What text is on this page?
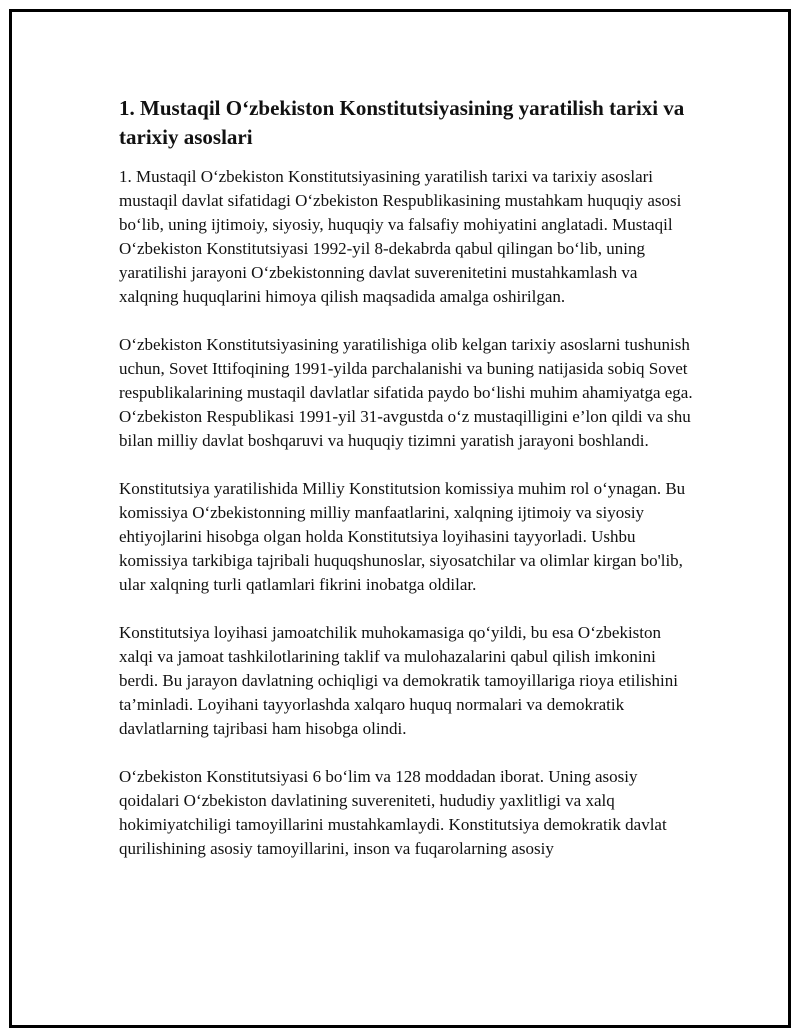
1. Mustaqil O‘zbekiston Konstitutsiyasining yaratilish tarixi va tarixiy asoslari

1. Mustaqil O‘zbekiston Konstitutsiyasining yaratilish tarixi va tarixiy asoslari mustaqil davlat sifatidagi O‘zbekiston Respublikasining mustahkam huquqiy asosi bo‘lib, uning ijtimoiy, siyosiy, huquqiy va falsafiy mohiyatini anglatadi. Mustaqil O‘zbekiston Konstitutsiyasi 1992-yil 8-dekabrda qabul qilingan bo‘lib, uning yaratilishi jarayoni O‘zbekistonning davlat suverenitetini mustahkamlash va xalqning huquqlarini himoya qilish maqsadida amalga oshirilgan.

O‘zbekiston Konstitutsiyasining yaratilishiga olib kelgan tarixiy asoslarni tushunish uchun, Sovet Ittifoqining 1991-yilda parchalanishi va buning natijasida sobiq Sovet respublikalarining mustaqil davlatlar sifatida paydo bo‘lishi muhim ahamiyatga ega. O‘zbekiston Respublikasi 1991-yil 31-avgustda o‘z mustaqilligini e’lon qildi va shu bilan milliy davlat boshqaruvi va huquqiy tizimni yaratish jarayoni boshlandi.

Konstitutsiya yaratilishida Milliy Konstitutsion komissiya muhim rol o‘ynagan. Bu komissiya O‘zbekistonning milliy manfaatlarini, xalqning ijtimoiy va siyosiy ehtiyojlarini hisobga olgan holda Konstitutsiya loyihasini tayyorladi. Ushbu komissiya tarkibiga tajribali huquqshunoslar, siyosatchilar va olimlar kirgan bo'lib, ular xalqning turli qatlamlari fikrini inobatga oldilar.

Konstitutsiya loyihasi jamoatchilik muhokamasiga qo‘yildi, bu esa O‘zbekiston xalqi va jamoat tashkilotlarining taklif va mulohazalarini qabul qilish imkonini berdi. Bu jarayon davlatning ochiqligi va demokratik tamoyillariga rioya etilishini ta’minladi. Loyihani tayyorlashda xalqaro huquq normalari va demokratik davlatlarning tajribasi ham hisobga olindi.

O‘zbekiston Konstitutsiyasi 6 bo‘lim va 128 moddadan iborat. Uning asosiy qoidalari O‘zbekiston davlatining suvereniteti, hududiy yaxlitligi va xalq hokimiyatchiligi tamoyillarini mustahkamlaydi. Konstitutsiya demokratik davlat qurilishining asosiy tamoyillarini, inson va fuqarolarning asosiy
